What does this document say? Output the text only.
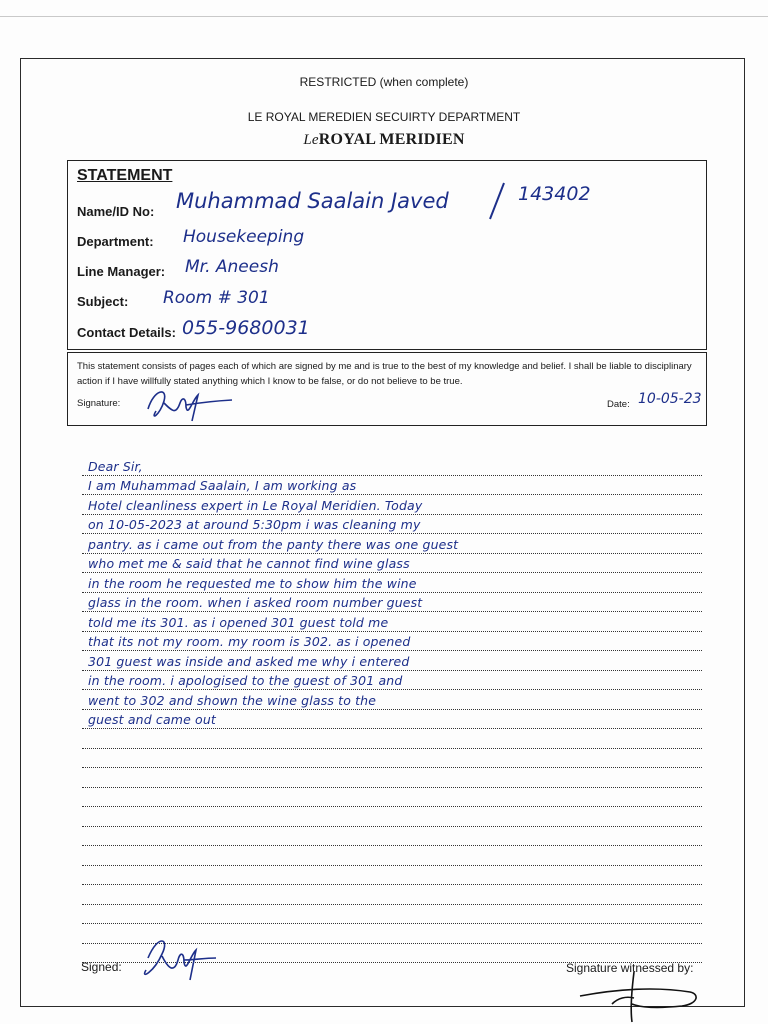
RESTRICTED (when complete)
LE ROYAL MEREDIEN SECUIRTY DEPARTMENT
LeROYAL MERIDIEN
STATEMENT
Name/ID No: Muhammad Saalain Javed	143402
Department: Housekeeping
Line Manager: Mr. Aneesh
Subject: Room # 301
Contact Details: 055-9680031
This statement consists of pages each of which are signed by me and is true to the best of my knowledge and belief. I shall be liable to disciplinary action if I have willfully stated anything which I know to be false, or do not believe to be true.
Signature:	Date: 10-05-23
Dear Sir,
I am Muhammad Saalain, I am working as
Hotel cleanliness expert in Le Royal Meridien. Today
on 10-05-2023 at around 5:30pm i was cleaning my
pantry. as i came out from the panty there was one guest
who met me & said that he cannot find wine glass
in the room he requested me to show him the wine
glass in the room. when i asked room number guest
told me its 301. as i opened 301 guest told me
that its not my room. my room is 302. as i opened
301 guest was inside and asked me why i entered
in the room. i apologised to the guest of 301 and
went to 302 and shown the wine glass to the
guest and came out
Signed:	Signature witnessed by:
